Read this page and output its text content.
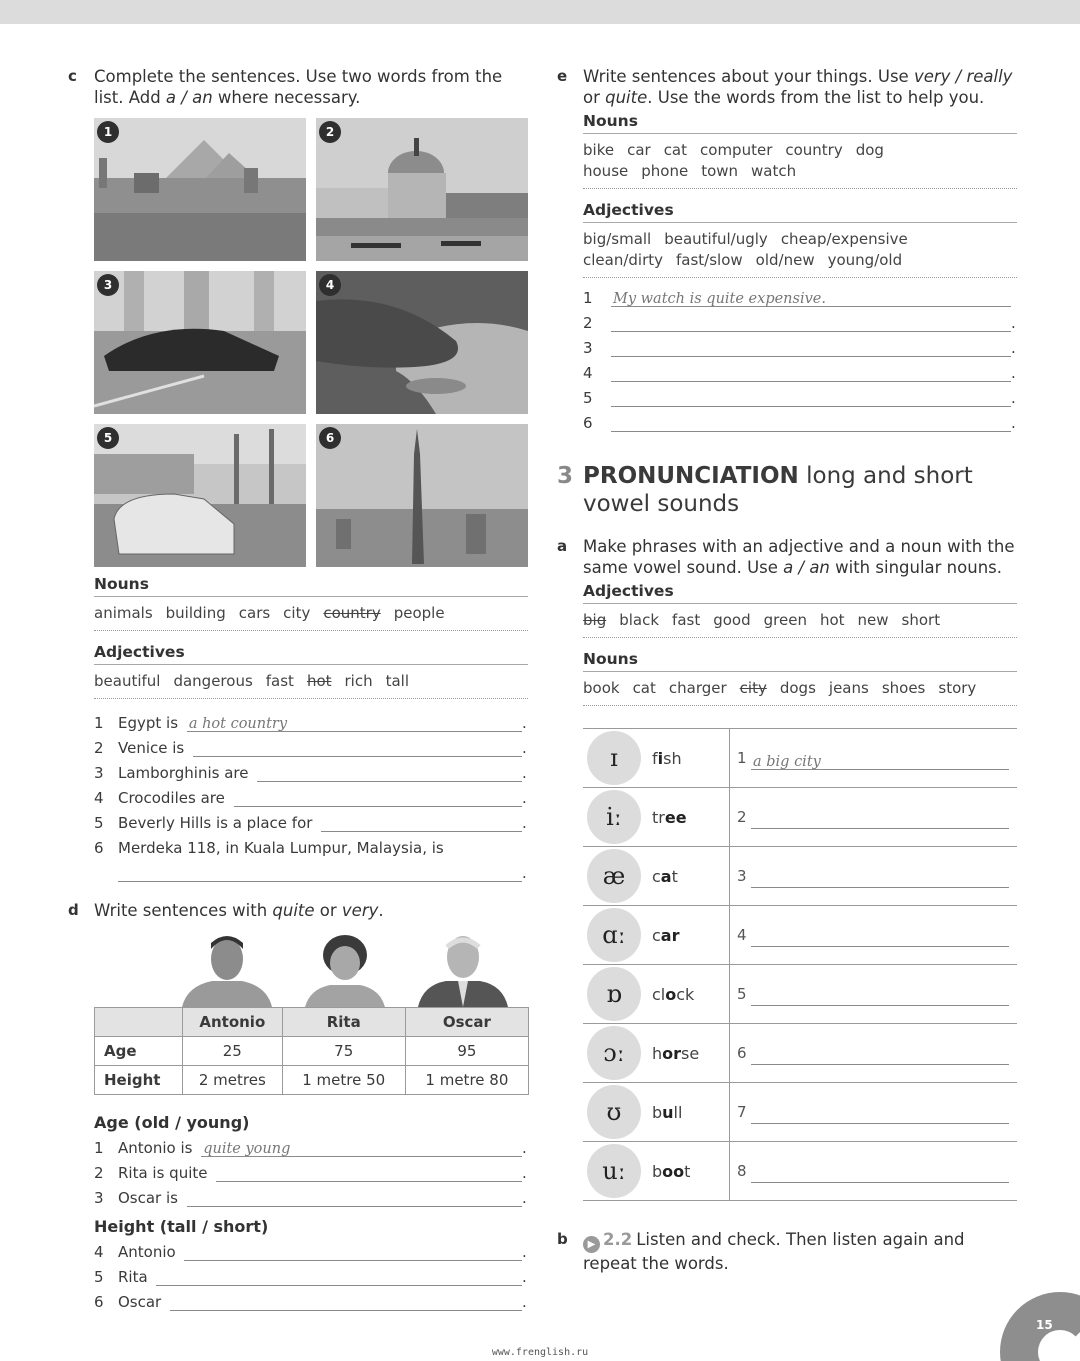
c Complete the sentences. Use two words from the
list. Add a / an where necessary.
1	2
3	4
5	6
Nouns
animals building cars city country people
Adjectives
beautiful dangerous fast hot rich tall
1 Egypt is a hot country	.
2 Venice is	.
3 Lamborghinis are	.
4 Crocodiles are	.
5 Beverly Hills is a place for	.
6 Merdeka 118, in Kuala Lumpur, Malaysia, is
.
d Write sentences with quite or very.
	Antonio	Rita	Oscar
Age	25	75	95
Height	2 metres	1 metre 50	1 metre 80
Age (old / young)
1 Antonio is quite young	.
2 Rita is quite	.
3 Oscar is	.
Height (tall / short)
4 Antonio	.
5 Rita	.
6 Oscar	.
e Write sentences about your things. Use very / really
or quite. Use the words from the list to help you.
Nouns
bike car cat computer country dog
house phone town watch
Adjectives
big/small beautiful/ugly cheap/expensive
clean/dirty fast/slow old/new young/old
1	My watch is quite expensive.
2	.
3	.
4	.
5	.
6	.
3 PRONUNCIATION long and short
vowel sounds
a Make phrases with an adjective and a noun with the
same vowel sound. Use a / an with singular nouns.
Adjectives
big black fast good green hot new short
Nouns
book cat charger city dogs jeans shoes story
ɪ	fish	1 a big city
iː	tree	2
æ	cat	3
ɑː	car	4
ɒ	clock	5
ɔː	horse	6
ʊ	bull	7
uː	boot	8
b ▶ 2.2 Listen and check. Then listen again and
repeat the words.
15
www.frenglish.ru
